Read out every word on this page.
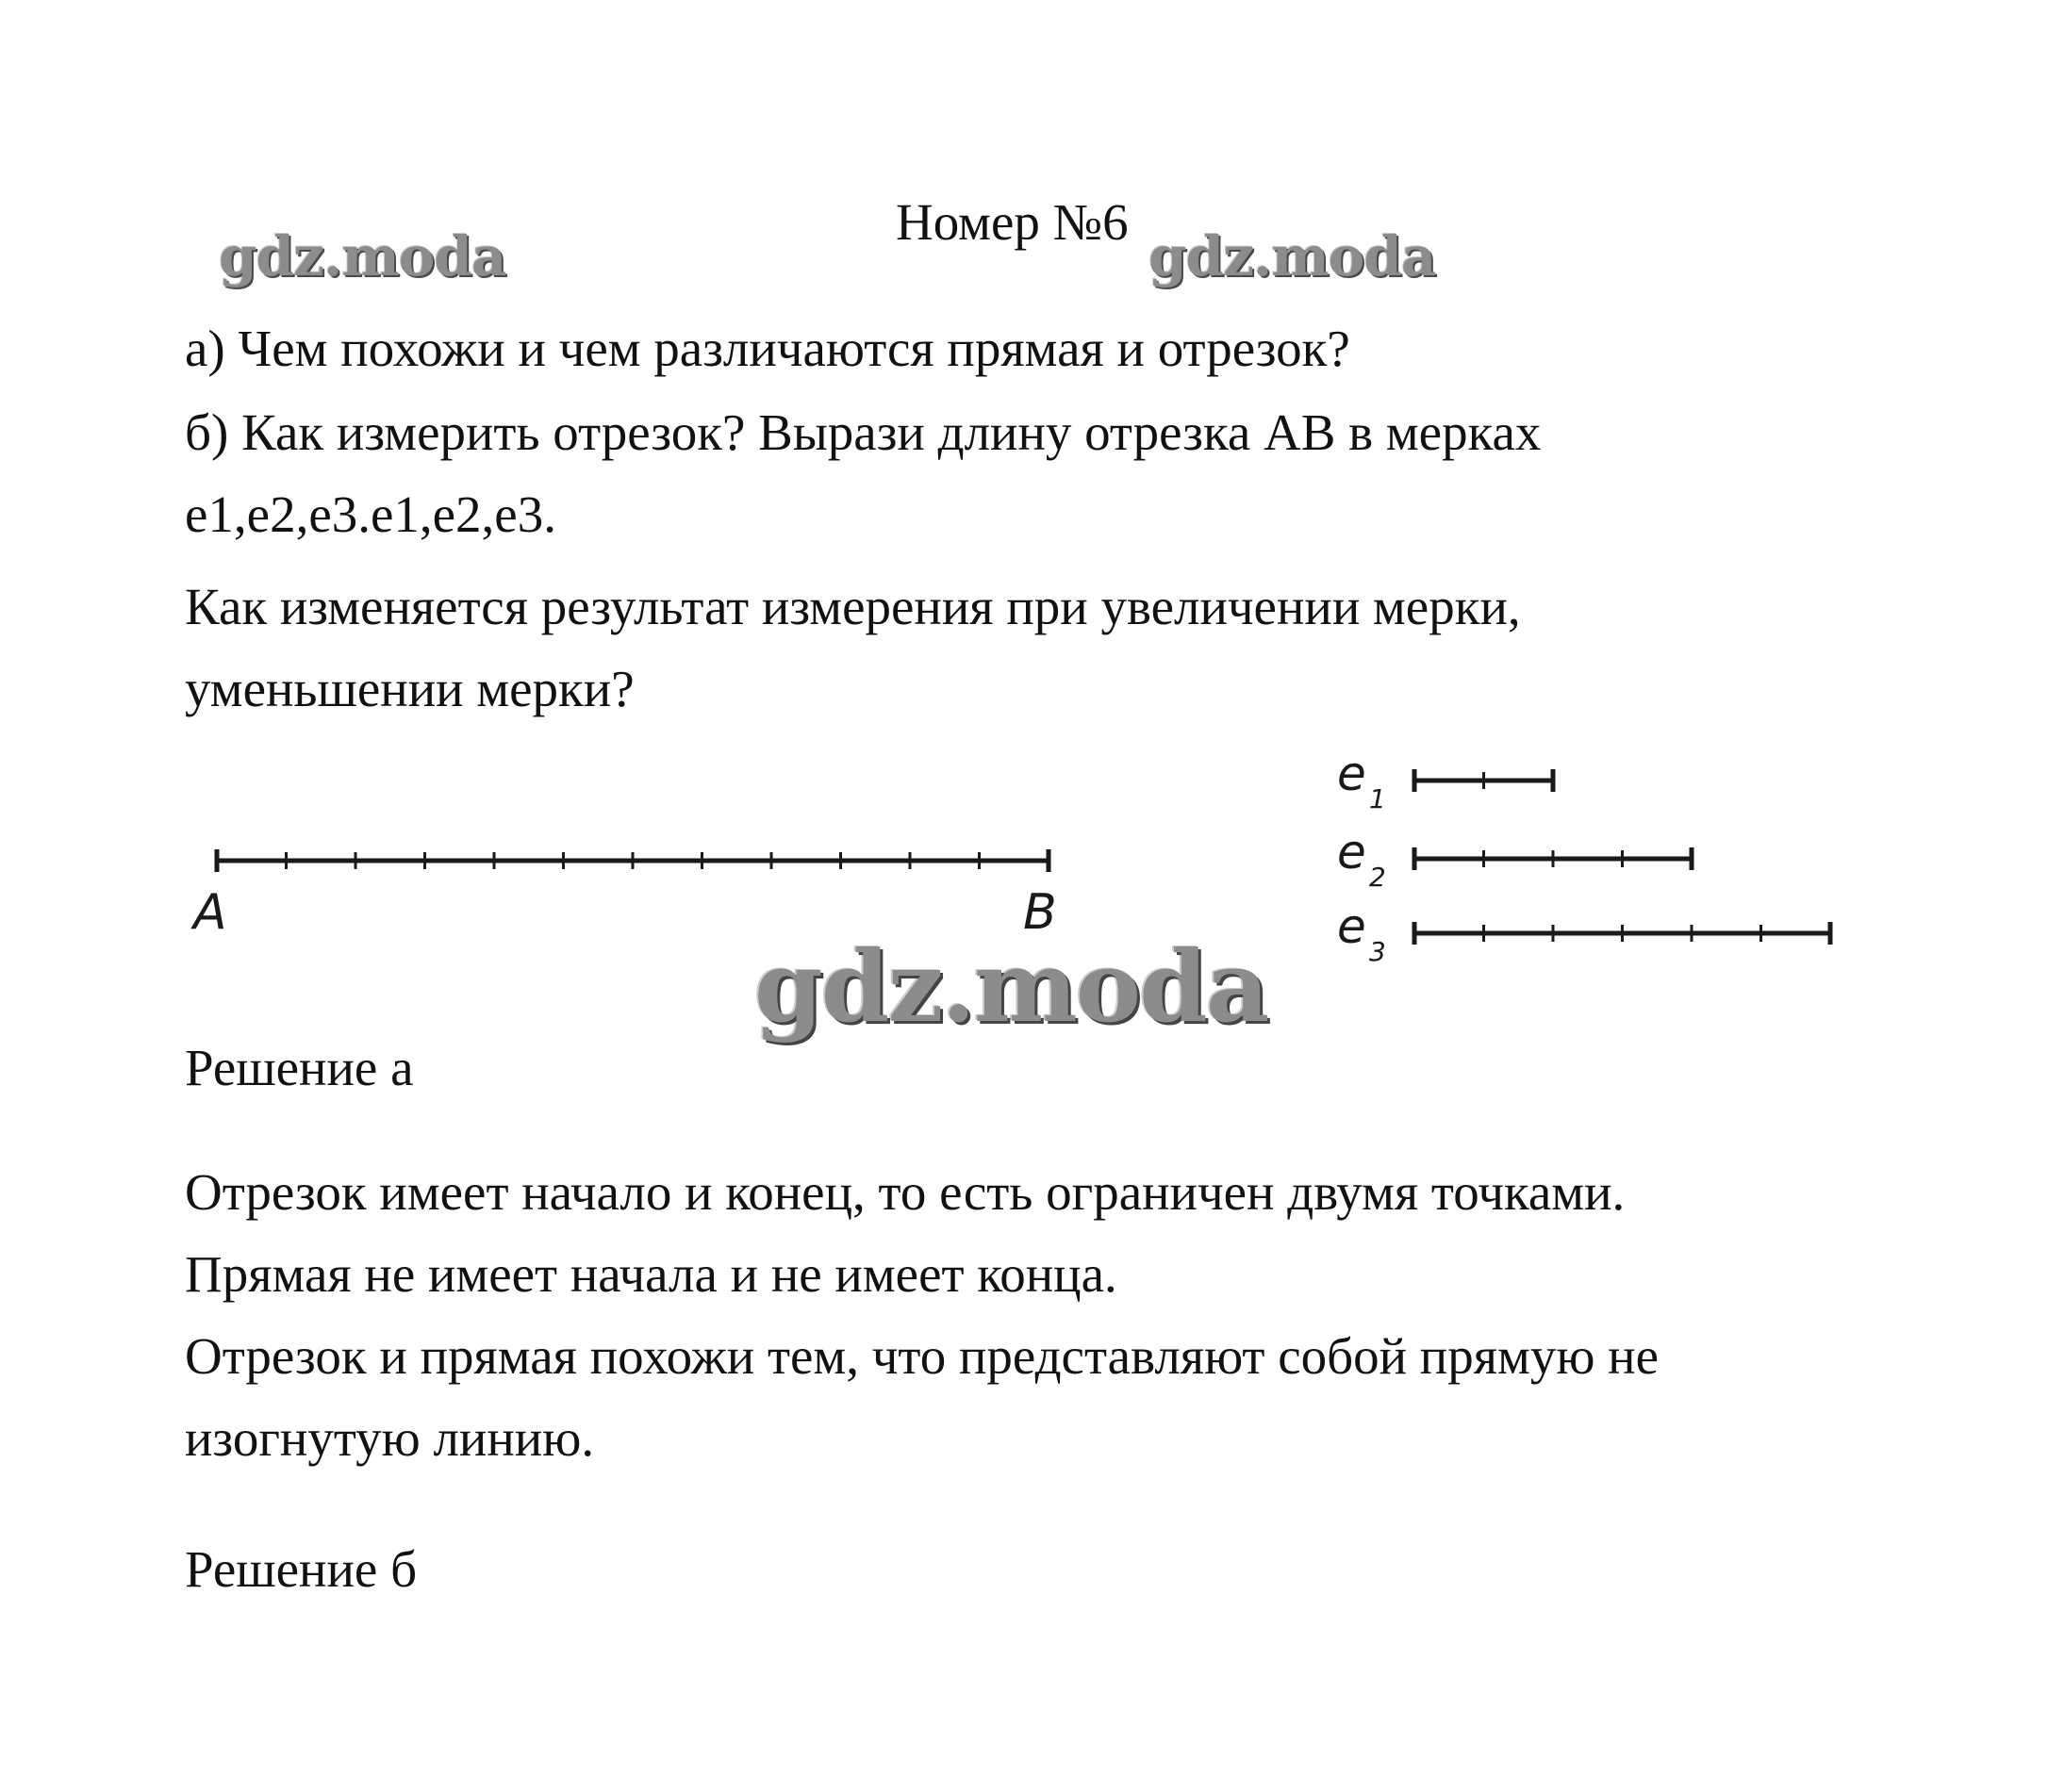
gdz.moda	gdz.moda
gdz.moda
Номер №6

а) Чем похожи и чем различаются прямая и отрезок?

б) Как измерить отрезок? Вырази длину отрезка АВ в мерках

e1,e2,e3.e1,e2,e3.

Как изменяется результат измерения при увеличении мерки,

уменьшении мерки?

A	B
e 1
e 2
e 3

Решение а

Отрезок имеет начало и конец, то есть ограничен двумя точками.

Прямая не имеет начала и не имеет конца.

Отрезок и прямая похожи тем, что представляют собой прямую не

изогнутую линию.

Решение б
